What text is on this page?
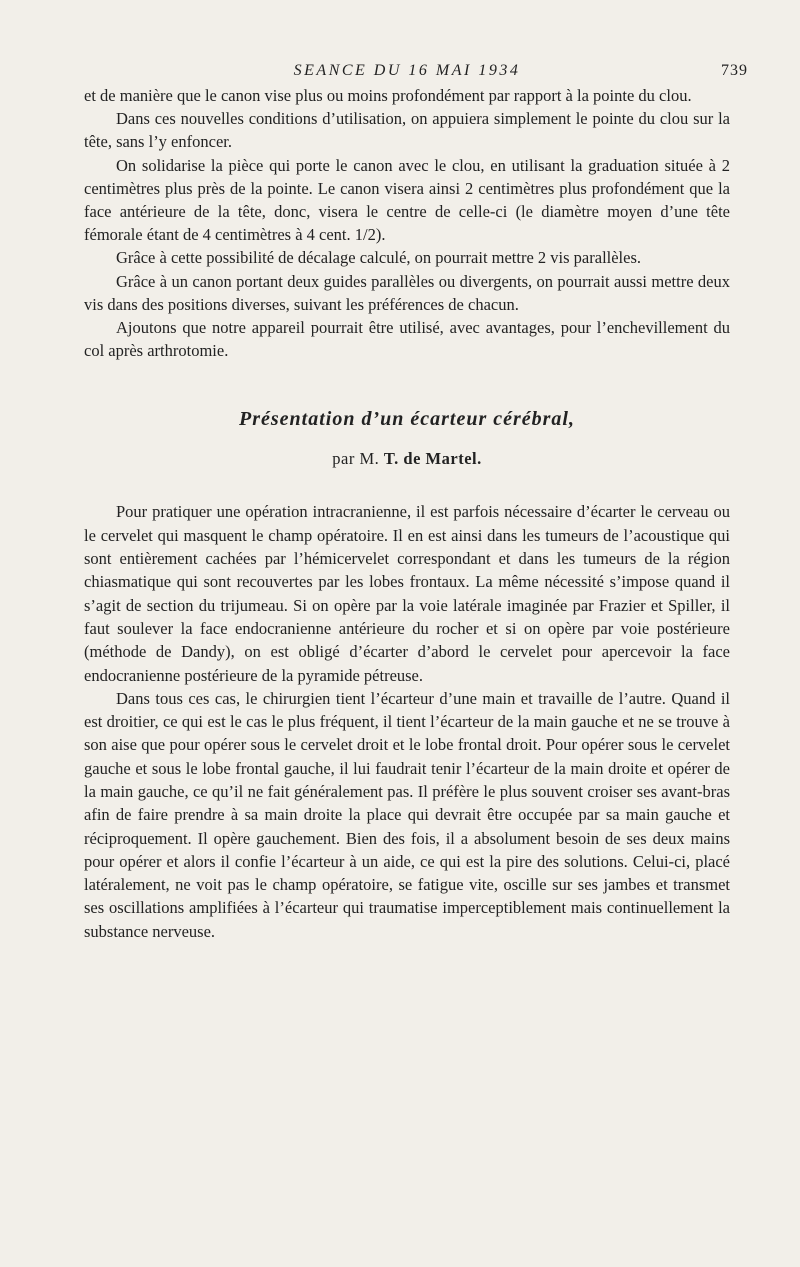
SEANCE DU 16 MAI 1934	739

et de manière que le canon vise plus ou moins profondément par rapport à la pointe du clou.

Dans ces nouvelles conditions d’utilisation, on appuiera simplement le pointe du clou sur la tête, sans l’y enfoncer.

On solidarise la pièce qui porte le canon avec le clou, en utilisant la graduation située à 2 centimètres plus près de la pointe. Le canon visera ainsi 2 centimètres plus profondément que la face antérieure de la tête, donc, visera le centre de celle-ci (le diamètre moyen d’une tête fémorale étant de 4 centimètres à 4 cent. 1/2).

Grâce à cette possibilité de décalage calculé, on pourrait mettre 2 vis parallèles.

Grâce à un canon portant deux guides parallèles ou divergents, on pourrait aussi mettre deux vis dans des positions diverses, suivant les préférences de chacun.

Ajoutons que notre appareil pourrait être utilisé, avec avantages, pour l’enchevillement du col après arthrotomie.

Présentation d’un écarteur cérébral,
par M. T. de Martel.

Pour pratiquer une opération intracranienne, il est parfois nécessaire d’écarter le cerveau ou le cervelet qui masquent le champ opératoire. Il en est ainsi dans les tumeurs de l’acoustique qui sont entièrement cachées par l’hémicervelet correspondant et dans les tumeurs de la région chiasmatique qui sont recouvertes par les lobes frontaux. La même nécessité s’impose quand il s’agit de section du trijumeau. Si on opère par la voie latérale imaginée par Frazier et Spiller, il faut soulever la face endocranienne antérieure du rocher et si on opère par voie postérieure (méthode de Dandy), on est obligé d’écarter d’abord le cervelet pour apercevoir la face endocranienne postérieure de la pyramide pétreuse.

Dans tous ces cas, le chirurgien tient l’écarteur d’une main et travaille de l’autre. Quand il est droitier, ce qui est le cas le plus fréquent, il tient l’écarteur de la main gauche et ne se trouve à son aise que pour opérer sous le cervelet droit et le lobe frontal droit. Pour opérer sous le cervelet gauche et sous le lobe frontal gauche, il lui faudrait tenir l’écarteur de la main droite et opérer de la main gauche, ce qu’il ne fait généralement pas. Il préfère le plus souvent croiser ses avant-bras afin de faire prendre à sa main droite la place qui devrait être occupée par sa main gauche et réciproquement. Il opère gauchement. Bien des fois, il a absolument besoin de ses deux mains pour opérer et alors il confie l’écarteur à un aide, ce qui est la pire des solutions. Celui-ci, placé latéralement, ne voit pas le champ opératoire, se fatigue vite, oscille sur ses jambes et transmet ses oscillations amplifiées à l’écarteur qui traumatise imperceptiblement mais continuellement la substance nerveuse.
